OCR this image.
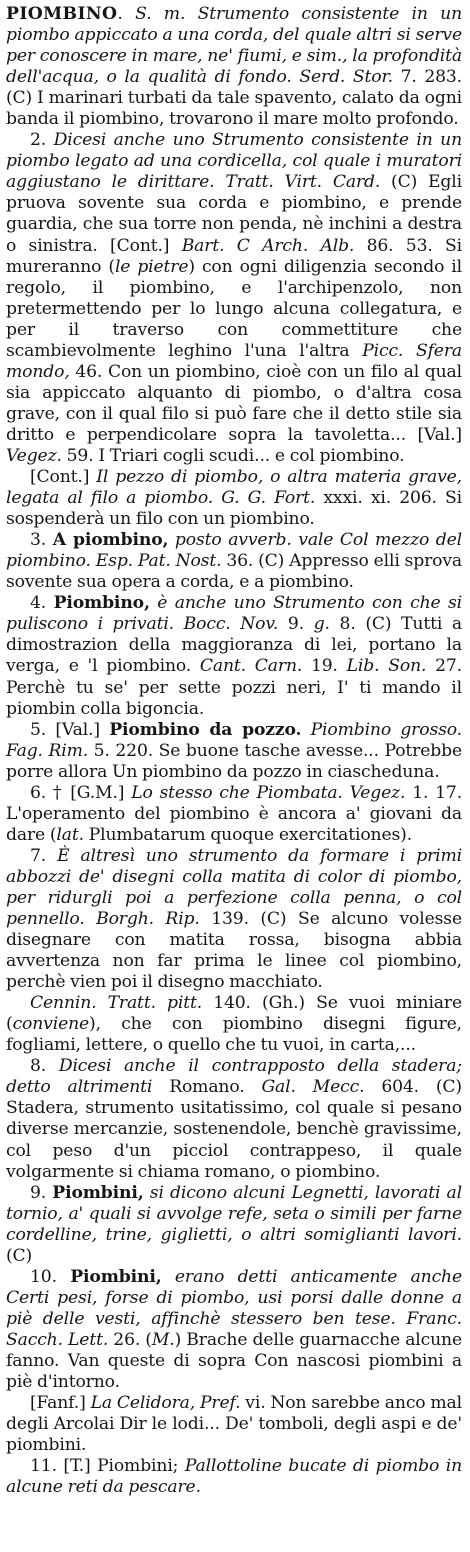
PIOMBINO. S. m. Strumento consistente in un piombo appiccato a una corda, del quale altri si serve per conoscere in mare, ne' fiumi, e sim., la profondità dell'acqua, o la qualità di fondo. Serd. Stor. 7. 283. (C) I marinari turbati da tale spavento, calato da ogni banda il piombino, trovarono il mare molto profondo.

2. Dicesi anche uno Strumento consistente in un piombo legato ad una cordicella, col quale i muratori aggiustano le dirittare. Tratt. Virt. Card. (C) Egli pruova sovente sua corda e piombino, e prende guardia, che sua torre non penda, nè inchini a destra o sinistra. [Cont.] Bart. C Arch. Alb. 86. 53. Si mureranno (le pietre) con ogni diligenzia secondo il regolo, il piombino, e l'archipenzolo, non pretermettendo per lo lungo alcuna collegatura, e per il traverso con commettiture che scambievolmente leghino l'una l'altra Picc. Sfera mondo, 46. Con un piombino, cioè con un filo al qual sia appiccato alquanto di piombo, o d'altra cosa grave, con il qual filo si può fare che il detto stile sia dritto e perpendicolare sopra la tavoletta... [Val.] Vegez. 59. I Triari cogli scudi... e col piombino.

[Cont.] Il pezzo di piombo, o altra materia grave, legata al filo a piombo. G. G. Fort. xxxi. xi. 206. Si sospenderà un filo con un piombino.

3. A piombino, posto avverb. vale Col mezzo del piombino. Esp. Pat. Nost. 36. (C) Appresso elli sprova sovente sua opera a corda, e a piombino.

4. Piombino, è anche uno Strumento con che si puliscono i privati. Bocc. Nov. 9. g. 8. (C) Tutti a dimostrazion della maggioranza di lei, portano la verga, e 'l piombino. Cant. Carn. 19. Lib. Son. 27. Perchè tu se' per sette pozzi neri, I' ti mando il piombin colla bigoncia.

5. [Val.] Piombino da pozzo. Piombino grosso. Fag. Rim. 5. 220. Se buone tasche avesse... Potrebbe porre allora Un piombino da pozzo in ciascheduna.

6. † [G.M.] Lo stesso che Piombata. Vegez. 1. 17. L'operamento del piombino è ancora a' giovani da dare (lat. Plumbatarum quoque exercitationes).

7. È altresì uno strumento da formare i primi abbozzi de' disegni colla matita di color di piombo, per ridurgli poi a perfezione colla penna, o col pennello. Borgh. Rip. 139. (C) Se alcuno volesse disegnare con matita rossa, bisogna abbia avvertenza non far prima le linee col piombino, perchè vien poi il disegno macchiato.

Cennin. Tratt. pitt. 140. (Gh.) Se vuoi miniare (conviene), che con piombino disegni figure, fogliami, lettere, o quello che tu vuoi, in carta,...

8. Dicesi anche il contrapposto della stadera; detto altrimenti Romano. Gal. Mecc. 604. (C) Stadera, strumento usitatissimo, col quale si pesano diverse mercanzie, sostenendole, benchè gravissime, col peso d'un picciol contrappeso, il quale volgarmente si chiama romano, o piombino.

9. Piombini, si dicono alcuni Legnetti, lavorati al tornio, a' quali si avvolge refe, seta o simili per farne cordelline, trine, giglietti, o altri somiglianti lavori. (C)

10. Piombini, erano detti anticamente anche Certi pesi, forse di piombo, usi porsi dalle donne a piè delle vesti, affinchè stessero ben tese. Franc. Sacch. Lett. 26. (M.) Brache delle guarnacche alcune fanno. Van queste di sopra Con nascosi piombini a piè d'intorno.

[Fanf.] La Celidora, Pref. vi. Non sarebbe anco mal degli Arcolai Dir le lodi... De' tomboli, degli aspi e de' piombini.

11. [T.] Piombini; Pallottoline bucate di piombo in alcune reti da pescare.
